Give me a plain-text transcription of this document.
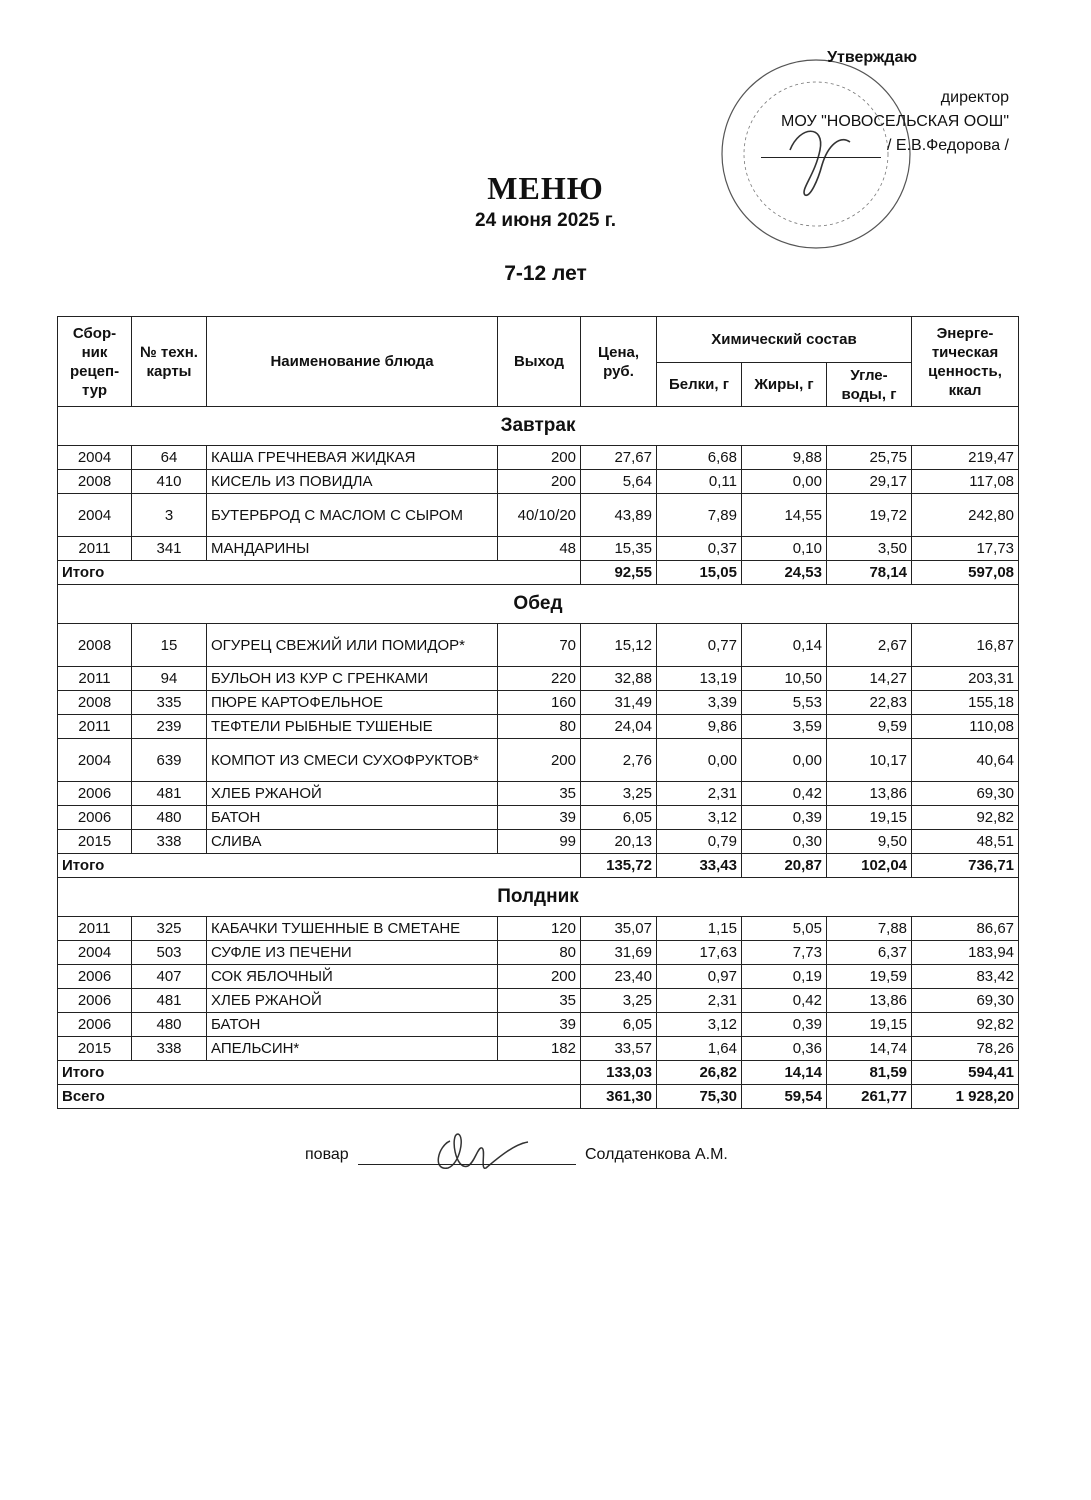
Утверждаю
директор
МОУ "НОВОСЕЛЬСКАЯ ООШ"
/ Е.В.Федорова /
МЕНЮ
24 июня 2025 г.
7-12 лет
Сбор-ник рецеп-тур	№ техн. карты	Наименование блюда	Выход	Цена, руб.	Химический состав			Энерге-тическая ценность, ккал
					Белки, г	Жиры, г	Угле-воды, г	
Завтрак								
2004	64	КАША ГРЕЧНЕВАЯ ЖИДКАЯ	200	27,67	6,68	9,88	25,75	219,47
2008	410	КИСЕЛЬ ИЗ ПОВИДЛА	200	5,64	0,11	0,00	29,17	117,08
2004	3	БУТЕРБРОД С МАСЛОМ С СЫРОМ	40/10/20	43,89	7,89	14,55	19,72	242,80
2011	341	МАНДАРИНЫ	48	15,35	0,37	0,10	3,50	17,73
Итого				92,55	15,05	24,53	78,14	597,08
Обед								
2008	15	ОГУРЕЦ СВЕЖИЙ ИЛИ ПОМИДОР*	70	15,12	0,77	0,14	2,67	16,87
2011	94	БУЛЬОН ИЗ КУР С ГРЕНКАМИ	220	32,88	13,19	10,50	14,27	203,31
2008	335	ПЮРЕ КАРТОФЕЛЬНОЕ	160	31,49	3,39	5,53	22,83	155,18
2011	239	ТЕФТЕЛИ РЫБНЫЕ ТУШЕНЫЕ	80	24,04	9,86	3,59	9,59	110,08
2004	639	КОМПОТ ИЗ СМЕСИ СУХОФРУКТОВ*	200	2,76	0,00	0,00	10,17	40,64
2006	481	ХЛЕБ РЖАНОЙ	35	3,25	2,31	0,42	13,86	69,30
2006	480	БАТОН	39	6,05	3,12	0,39	19,15	92,82
2015	338	СЛИВА	99	20,13	0,79	0,30	9,50	48,51
Итого				135,72	33,43	20,87	102,04	736,71
Полдник								
2011	325	КАБАЧКИ ТУШЕННЫЕ В СМЕТАНЕ	120	35,07	1,15	5,05	7,88	86,67
2004	503	СУФЛЕ ИЗ ПЕЧЕНИ	80	31,69	17,63	7,73	6,37	183,94
2006	407	СОК ЯБЛОЧНЫЙ	200	23,40	0,97	0,19	19,59	83,42
2006	481	ХЛЕБ РЖАНОЙ	35	3,25	2,31	0,42	13,86	69,30
2006	480	БАТОН	39	6,05	3,12	0,39	19,15	92,82
2015	338	АПЕЛЬСИН*	182	33,57	1,64	0,36	14,74	78,26
Итого				133,03	26,82	14,14	81,59	594,41
Всего				361,30	75,30	59,54	261,77	1 928,20
повар	Солдатенкова А.М.
